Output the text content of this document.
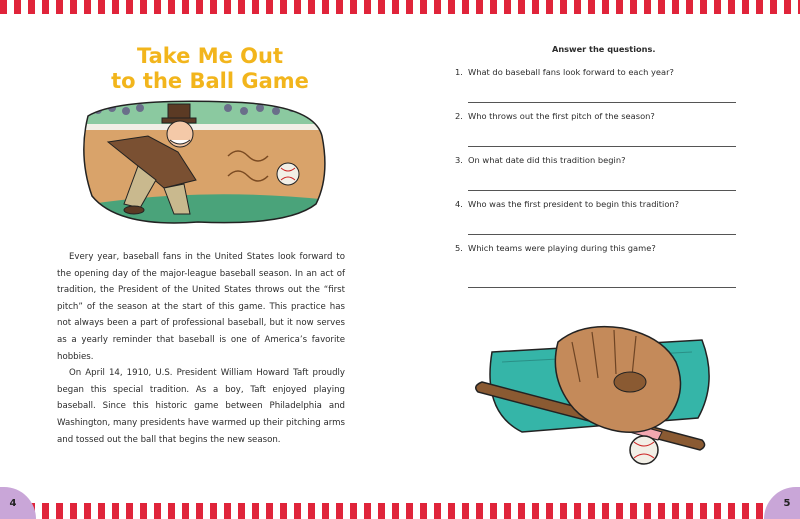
Take Me Out
to the Ball Game

Every year, baseball fans in the United States look forward to the opening day of the major-league baseball season. In an act of tradition, the President of the United States throws out the “first pitch” of the season at the start of this game. This practice has not always been a part of professional baseball, but it now serves as a yearly reminder that baseball is one of America’s favorite hobbies.

On April 14, 1910, U.S. President William Howard Taft proudly began this special tradition. As a boy, Taft enjoyed playing baseball. Since this historic game between Philadelphia and Washington, many presidents have warmed up their pitching arms and tossed out the ball that begins the new season.

Answer the questions.
1. What do baseball fans look forward to each year?
2. Who throws out the first pitch of the season?
3. On what date did this tradition begin?
4. Who was the first president to begin this tradition?
5. Which teams were playing during this game?
4	5
